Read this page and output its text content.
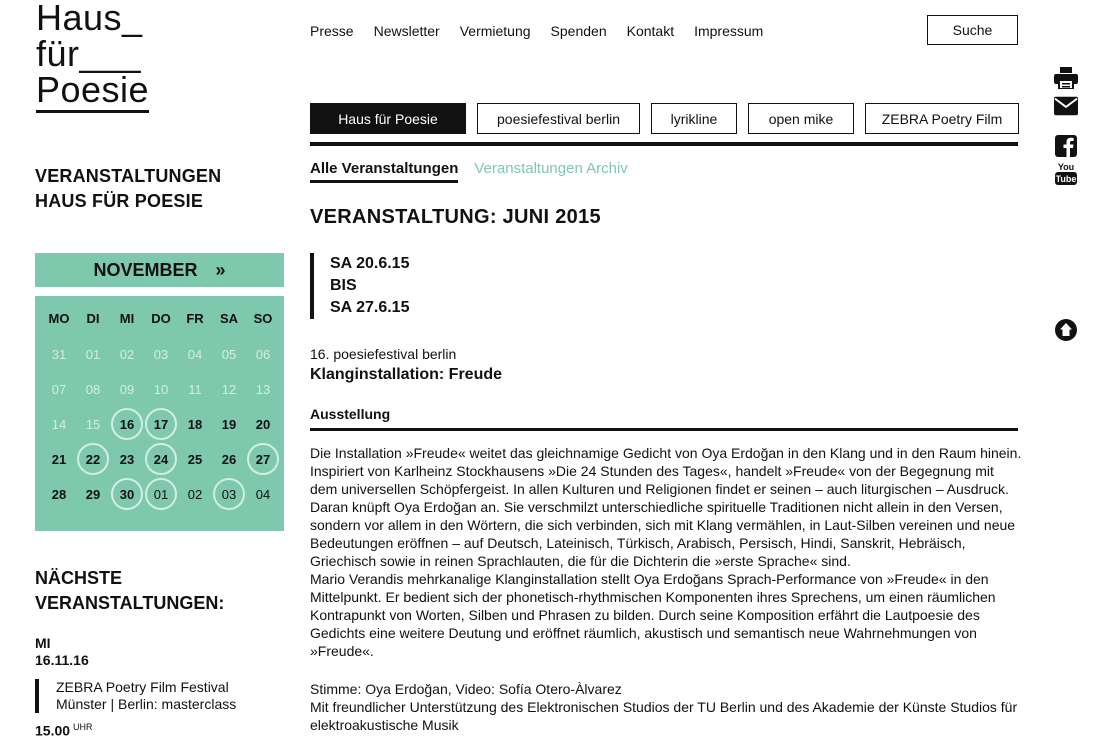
Haus_
für___
Poesie
VERANSTALTUNGEN
HAUS FÜR POESIE
NOVEMBER »
MO	DI	MI	DO	FR	SA	SO
31	01	02	03	04	05	06
07	08	09	10	11	12	13
14	15	16	17	18	19	20
21	22	23	24	25	26	27
28	29	30	01	02	03	04
NÄCHSTE
VERANSTALTUNGEN:
MI
16.11.16
ZEBRA Poetry Film Festival
Münster | Berlin: masterclass
15.00 $^{UHR}$
Presse Newsletter Vermietung Spenden Kontakt Impressum	Suche
You
Tube
Haus für Poesie	poesiefestival berlin	lyrikline	open mike	ZEBRA Poetry Film
Alle Veranstaltungen Veranstaltungen Archiv
VERANSTALTUNG: JUNI 2015
SA 20.6.15
BIS
SA 27.6.15
16. poesiefestival berlin
Klanginstallation: Freude
Ausstellung

Die Installation »Freude« weitet das gleichnamige Gedicht von Oya Erdoğan in den Klang und in den Raum hinein. Inspiriert von Karlheinz Stockhausens »Die 24 Stunden des Tages«, handelt »Freude« von der Begegnung mit dem universellen Schöpfergeist. In allen Kulturen und Religionen findet er seinen – auch liturgischen – Ausdruck. Daran knüpft Oya Erdoğan an. Sie verschmilzt unterschiedliche spirituelle Traditionen nicht allein in den Versen, sondern vor allem in den Wörtern, die sich verbinden, sich mit Klang vermählen, in Laut-Silben vereinen und neue Bedeutungen eröffnen – auf Deutsch, Lateinisch, Türkisch, Arabisch, Persisch, Hindi, Sanskrit, Hebräisch, Griechisch sowie in reinen Sprachlauten, die für die Dichterin die »erste Sprache« sind.

Mario Verandis mehrkanalige Klanginstallation stellt Oya Erdoğans Sprach-Performance von »Freude« in den Mittelpunkt. Er bedient sich der phonetisch-rhythmischen Komponenten ihres Sprechens, um einen räumlichen Kontrapunkt von Worten, Silben und Phrasen zu bilden. Durch seine Komposition erfährt die Lautpoesie des Gedichts eine weitere Deutung und eröffnet räumlich, akustisch und semantisch neue Wahrnehmungen von »Freude«.

Stimme: Oya Erdoğan, Video: Sofía Otero-Àlvarez
Mit freundlicher Unterstützung des Elektronischen Studios der TU Berlin und des Akademie der Künste Studios für elektroakustische Musik
